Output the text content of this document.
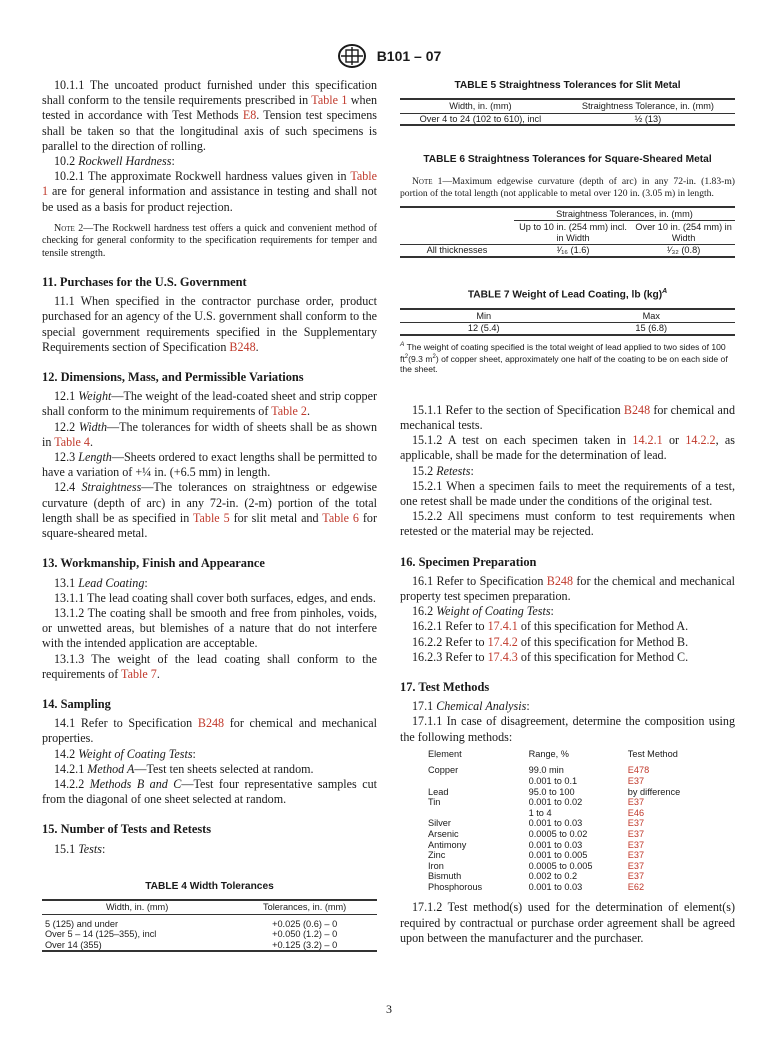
B101 – 07

10.1.1 The uncoated product furnished under this specification shall conform to the tensile requirements prescribed in Table 1 when tested in accordance with Test Methods E8. Tension test specimens shall be taken so that the longitudinal axis of such specimens is parallel to the direction of rolling.

10.2 Rockwell Hardness:

10.2.1 The approximate Rockwell hardness values given in Table 1 are for general information and assistance in testing and shall not be used as a basis for product rejection.

Note 2—The Rockwell hardness test offers a quick and convenient method of checking for general conformity to the specification requirements for temper and tensile strength.
11. Purchases for the U.S. Government

11.1 When specified in the contractor purchase order, product purchased for an agency of the U.S. government shall conform to the special government requirements specified in the Supplementary Requirements section of Specification B248.

12. Dimensions, Mass, and Permissible Variations

12.1 Weight—The weight of the lead-coated sheet and strip copper shall conform to the minimum requirements of Table 2.

12.2 Width—The tolerances for width of sheets shall be as shown in Table 4.

12.3 Length—Sheets ordered to exact lengths shall be permitted to have a variation of +¼ in. (+6.5 mm) in length.

12.4 Straightness—The tolerances on straightness or edgewise curvature (depth of arc) in any 72-in. (2-m) portion of the total length shall be as specified in Table 5 for slit metal and Table 6 for square-sheared metal.

13. Workmanship, Finish and Appearance

13.1 Lead Coating:

13.1.1 The lead coating shall cover both surfaces, edges, and ends.

13.1.2 The coating shall be smooth and free from pinholes, voids, or unwetted areas, but blemishes of a nature that do not interfere with the intended application are acceptable.

13.1.3 The weight of the lead coating shall conform to the requirements of Table 7.

14. Sampling

14.1 Refer to Specification B248 for chemical and mechanical properties.

14.2 Weight of Coating Tests:

14.2.1 Method A—Test ten sheets selected at random.

14.2.2 Methods B and C—Test four representative samples cut from the diagonal of one sheet selected at random.

15. Number of Tests and Retests

15.1 Tests:

TABLE 4 Width Tolerances
Width, in. (mm)	Tolerances, in. (mm)
5 (125) and under	+0.025 (0.6) – 0
Over 5 – 14 (125–355), incl	+0.050 (1.2) – 0
Over 14 (355)	+0.125 (3.2) – 0
TABLE 5 Straightness Tolerances for Slit Metal
Width, in. (mm)	Straightness Tolerance, in. (mm)
Over 4 to 24 (102 to 610), incl	½ (13)
TABLE 6 Straightness Tolerances for Square-Sheared Metal
Note 1—Maximum edgewise curvature (depth of arc) in any 72-in. (1.83-m) portion of the total length (not applicable to metal over 120 in. (3.05 m) in length.
	Straightness Tolerances, in. (mm)	
	Up to 10 in. (254 mm) incl. in Width	Over 10 in. (254 mm) in Width
All thicknesses	¹⁄₁₆ (1.6)	¹⁄₃₂ (0.8)
TABLE 7 Weight of Lead Coating, lb (kg)$^A$
Min	Max
12 (5.4)	15 (6.8)
$^A$ The weight of coating specified is the total weight of lead applied to two sides of 100 $ft^2(9.3$ $m^2$) of copper sheet, approximately one half of the coating to be on each side of the sheet.

15.1.1 Refer to the section of Specification B248 for chemical and mechanical tests.

15.1.2 A test on each specimen taken in 14.2.1 or 14.2.2, as applicable, shall be made for the determination of lead.

15.2 Retests:

15.2.1 When a specimen fails to meet the requirements of a test, one retest shall be made under the conditions of the original test.

15.2.2 All specimens must conform to test requirements when retested or the material may be rejected.

16. Specimen Preparation

16.1 Refer to Specification B248 for the chemical and mechanical property test specimen preparation.

16.2 Weight of Coating Tests:

16.2.1 Refer to 17.4.1 of this specification for Method A.

16.2.2 Refer to 17.4.2 of this specification for Method B.

16.2.3 Refer to 17.4.3 of this specification for Method C.

17. Test Methods

17.1 Chemical Analysis:

17.1.1 In case of disagreement, determine the composition using the following methods:

Element	Range, %	Test Method
Copper	99.0 min	E478
	0.001 to 0.1	E37
Lead	95.0 to 100	by difference
Tin	0.001 to 0.02	E37
	1 to 4	E46
Silver	0.001 to 0.03	E37
Arsenic	0.0005 to 0.02	E37
Antimony	0.001 to 0.03	E37
Zinc	0.001 to 0.005	E37
Iron	0.0005 to 0.005	E37
Bismuth	0.002 to 0.2	E37
Phosphorous	0.001 to 0.03	E62

17.1.2 Test method(s) used for the determination of element(s) required by contractual or purchase order agreement shall be agreed upon between the manufacturer and the purchaser.

3
